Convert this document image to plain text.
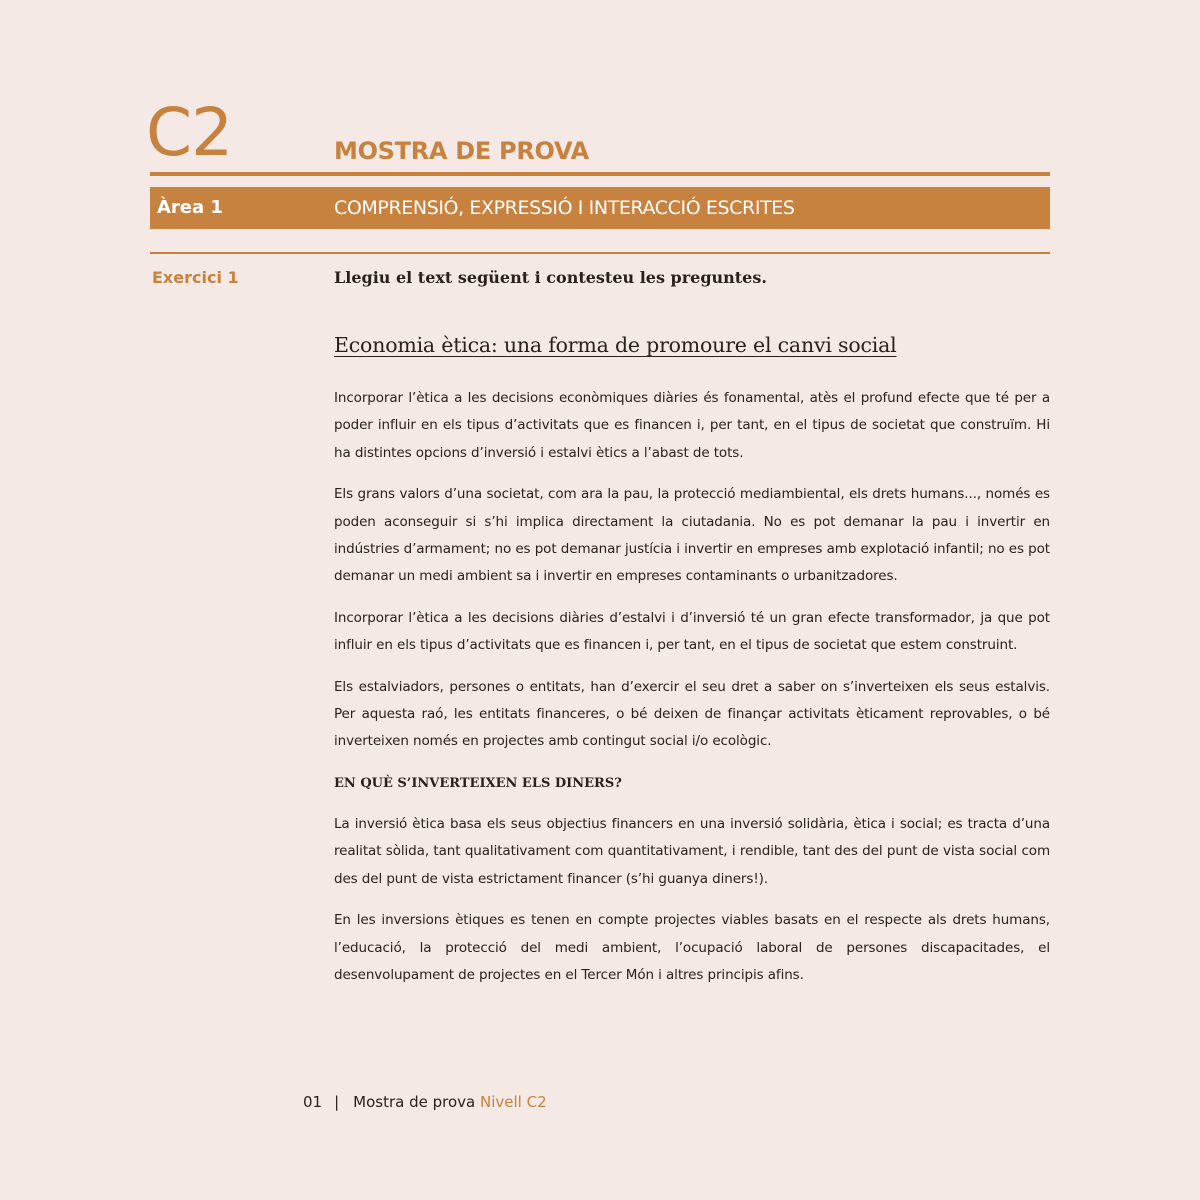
C2	MOSTRA DE PROVA
Àrea 1	COMPRENSIÓ, EXPRESSIÓ I INTERACCIÓ ESCRITES
Exercici 1	Llegiu el text següent i contesteu les preguntes.
Economia ètica: una forma de promoure el canvi social

Incorporar l’ètica a les decisions econòmiques diàries és fonamental, atès el profund efecte que té per a poder influir en els tipus d’activitats que es financen i, per tant, en el tipus de societat que construïm. Hi ha distintes opcions d’inversió i estalvi ètics a l’abast de tots.

Els grans valors d’una societat, com ara la pau, la protecció mediambiental, els drets humans..., només es poden aconseguir si s’hi implica directament la ciutadania. No es pot demanar la pau i invertir en indústries d’armament; no es pot demanar justícia i invertir en empreses amb explotació infantil; no es pot demanar un medi ambient sa i invertir en empreses contaminants o urbanitzadores.

Incorporar l’ètica a les decisions diàries d’estalvi i d’inversió té un gran efecte transformador, ja que pot influir en els tipus d’activitats que es financen i, per tant, en el tipus de societat que estem construint.

Els estalviadors, persones o entitats, han d’exercir el seu dret a saber on s’inverteixen els seus estalvis. Per aquesta raó, les entitats financeres, o bé deixen de finançar activitats èticament reprovables, o bé inverteixen només en projectes amb contingut social i/o ecològic.

EN QUÈ S’INVERTEIXEN ELS DINERS?

La inversió ètica basa els seus objectius financers en una inversió solidària, ètica i social; es tracta d’una realitat sòlida, tant qualitativament com quantitativament, i rendible, tant des del punt de vista social com des del punt de vista estrictament financer (s’hi guanya diners!).

En les inversions ètiques es tenen en compte projectes viables basats en el respecte als drets humans, l’educació, la protecció del medi ambient, l’ocupació laboral de persones discapacitades, el desenvolupament de projectes en el Tercer Món i altres principis afins.

01 | Mostra de prova Nivell C2
